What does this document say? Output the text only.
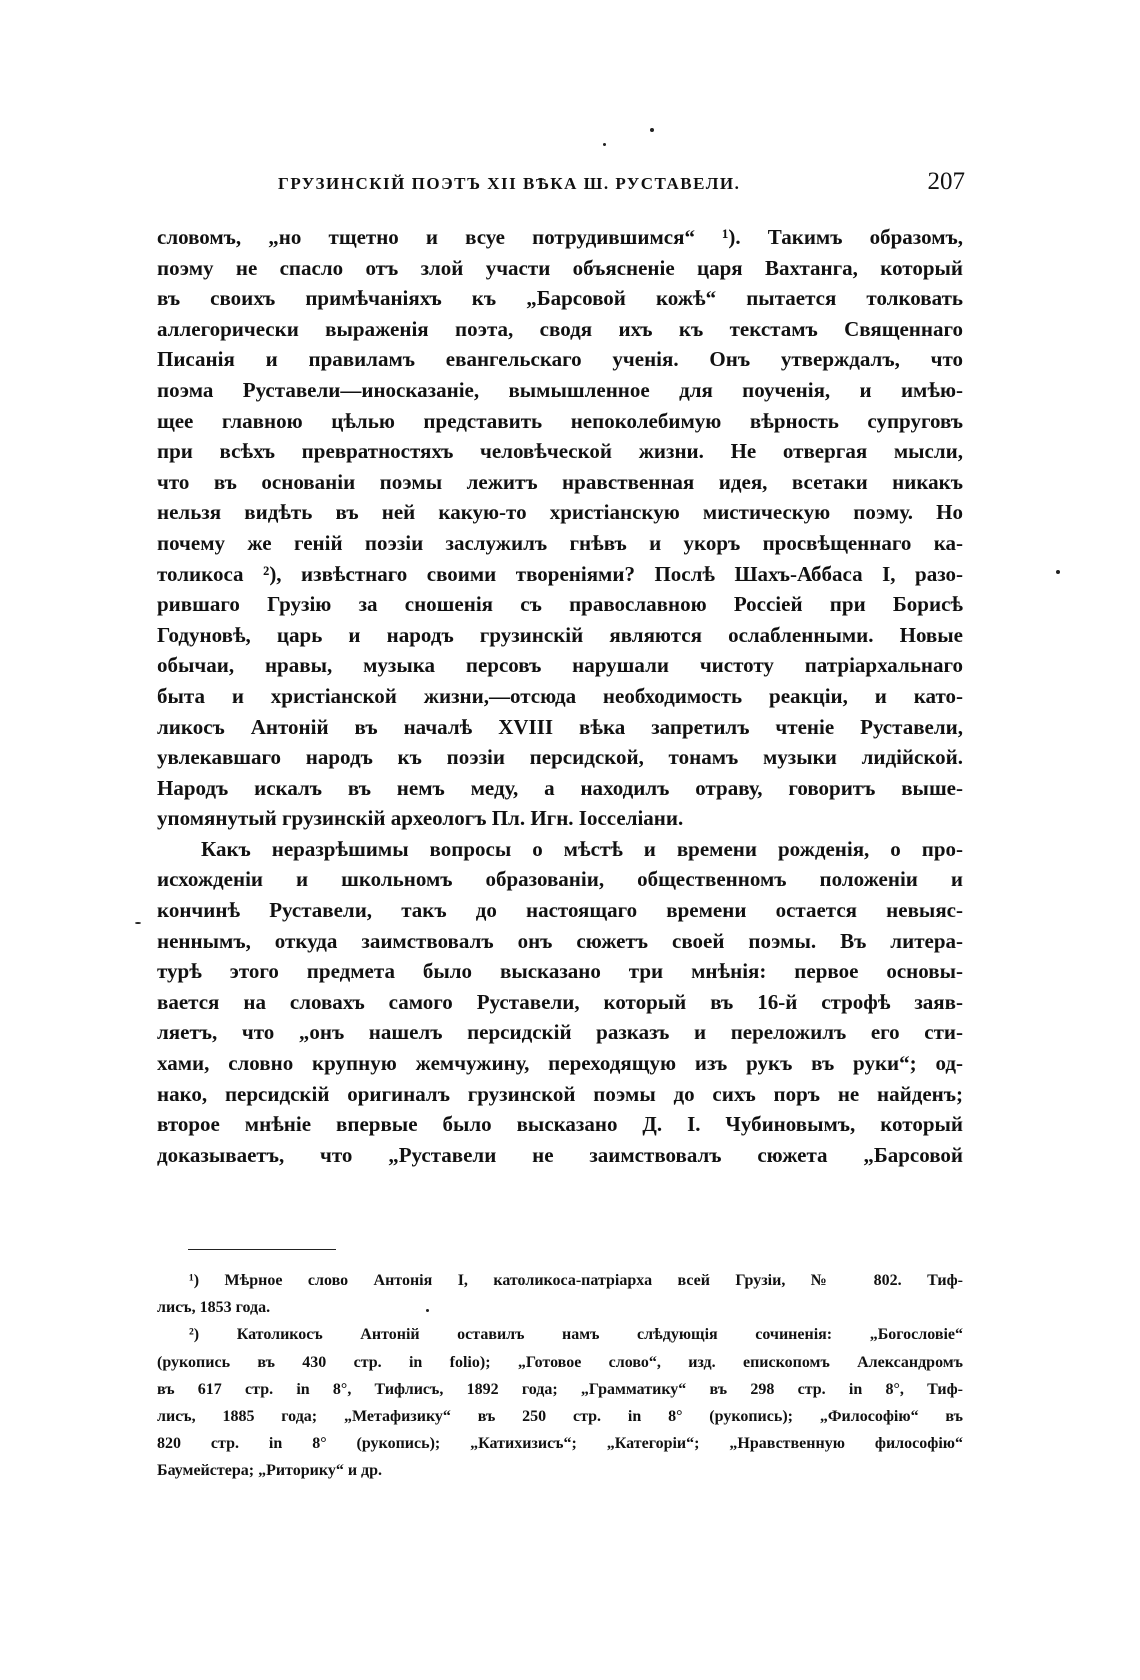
ГРУЗИНСКІЙ ПОЭТЪ XII ВѢКА Ш. РУСТАВЕЛИ.	207
словомъ, „но тщетно и всуе потрудившимся“ ¹). Такимъ образомъ,
поэму не спасло отъ злой участи объясненіе царя Вахтанга, который
въ своихъ примѣчаніяхъ къ „Барсовой кожѣ“ пытается толковать
аллегорически выраженія поэта, сводя ихъ къ текстамъ Священнаго
Писанія и правиламъ евангельскаго ученія. Онъ утверждалъ, что
поэма Руставели—иносказаніе, вымышленное для поученія, и имѣю-
щее главною цѣлью представить непоколебимую вѣрность супруговъ
при всѣхъ превратностяхъ человѣческой жизни. Не отвергая мысли,
что въ основаніи поэмы лежитъ нравственная идея, всетаки никакъ
нельзя видѣть въ ней какую-то христіанскую мистическую поэму. Но
почему же геній поэзіи заслужилъ гнѣвъ и укоръ просвѣщеннаго ка-
толикоса ²), извѣстнаго своими твореніями? Послѣ Шахъ-Аббаса I, разо-
рившаго Грузію за сношенія съ православною Россіей при Борисѣ
Годуновѣ, царь и народъ грузинскій являются ослабленными. Новые
обычаи, нравы, музыка персовъ нарушали чистоту патріархальнаго
быта и христіанской жизни,—отсюда необходимость реакціи, и като-
ликосъ Антоній въ началѣ XVIII вѣка запретилъ чтеніе Руставели,
увлекавшаго народъ къ поэзіи персидской, тонамъ музыки лидійской.
Народъ искалъ въ немъ меду, а находилъ отраву, говоритъ выше-
упомянутый грузинскій археологъ Пл. Игн. Іосселіани.
Какъ неразрѣшимы вопросы о мѣстѣ и времени рожденія, о про-
исхожденіи и школьномъ образованіи, общественномъ положеніи и
кончинѣ Руставели, такъ до настоящаго времени остается невыяс-
неннымъ, откуда заимствовалъ онъ сюжетъ своей поэмы. Въ литера-
турѣ этого предмета было высказано три мнѣнія: первое основы-
вается на словахъ самого Руставели, который въ 16-й строфѣ заяв-
ляетъ, что „онъ нашелъ персидскій разказъ и переложилъ его сти-
хами, словно крупную жемчужину, переходящую изъ рукъ въ руки“; од-
нако, персидскій оригиналъ грузинской поэмы до сихъ поръ не найденъ;
второе мнѣніе впервые было высказано Д. І. Чубиновымъ, который
доказываетъ, что „Руставели не заимствовалъ сюжета „Барсовой
¹) Мѣрное слово Антонія I, католикоса-патріарха всей Грузіи, № 802. Тиф-
лисъ, 1853 года.
²) Католикосъ Антоній оставилъ намъ слѣдующія сочиненія: „Богословіе“
(рукопись въ 430 стр. in folio); „Готовое слово“, изд. епископомъ Александромъ
въ 617 стр. in 8°, Тифлисъ, 1892 года; „Грамматику“ въ 298 стр. in 8°, Тиф-
лисъ, 1885 года; „Метафизику“ въ 250 стр. in 8° (рукопись); „Философію“ въ
820 стр. in 8° (рукопись); „Катихизисъ“; „Категоріи“; „Нравственную философію“
Баумейстера; „Риторику“ и др.
